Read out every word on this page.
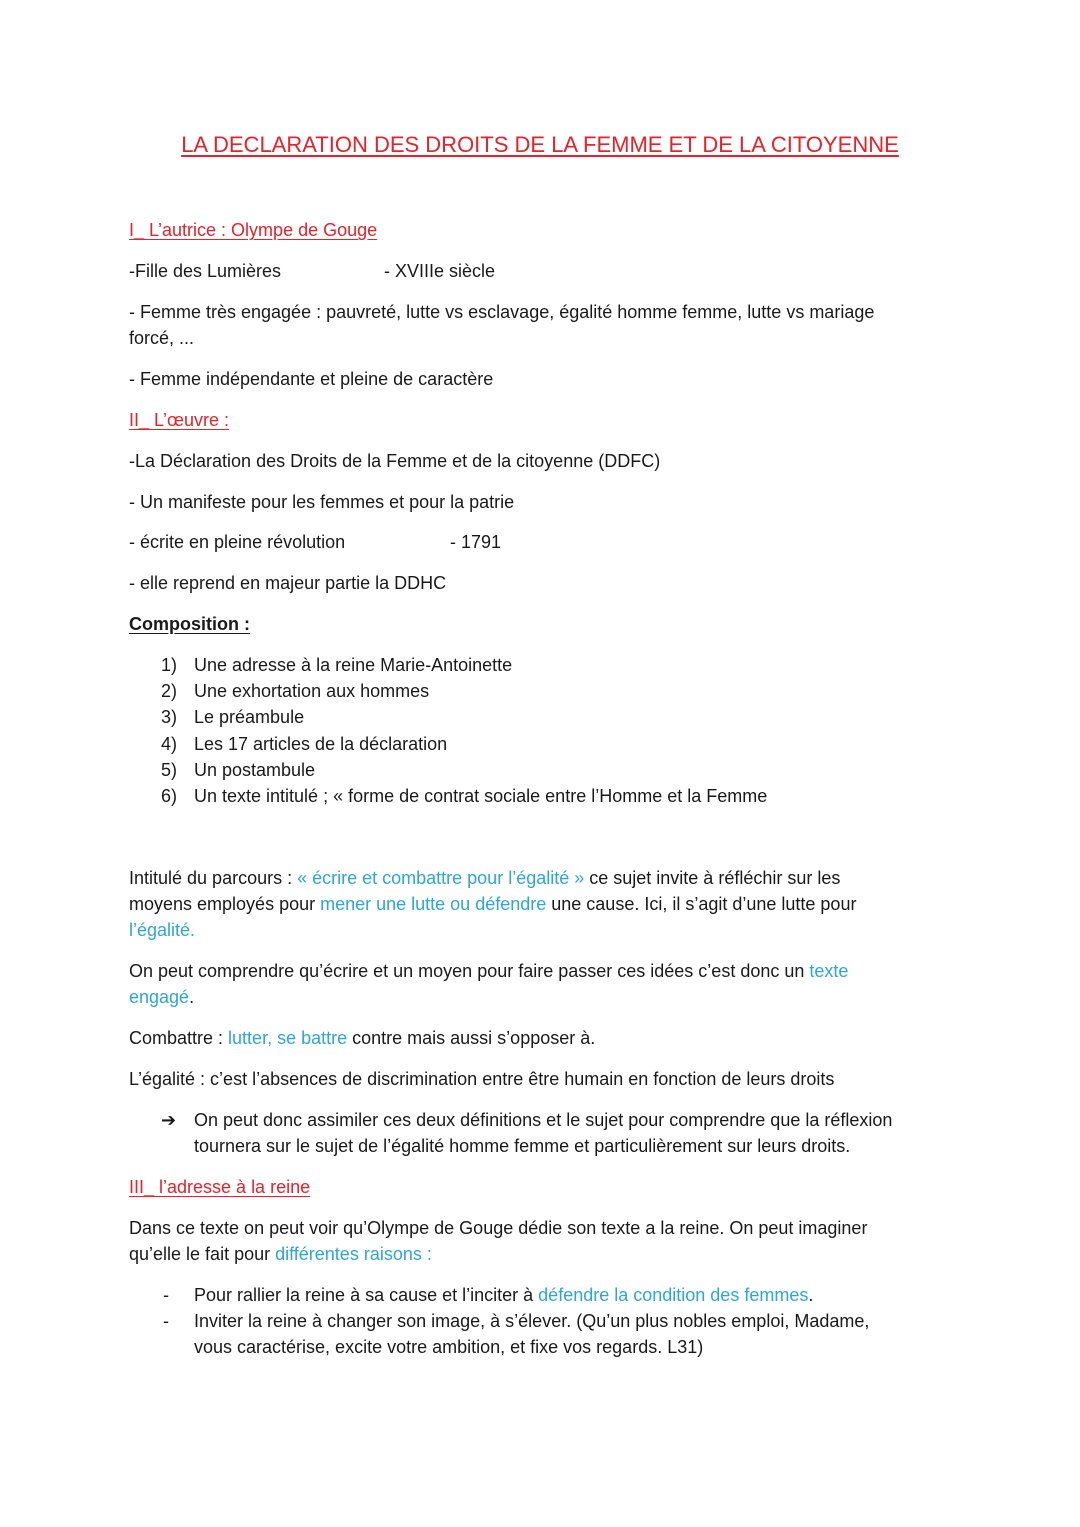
LA DECLARATION DES DROITS DE LA FEMME ET DE LA CITOYENNE
I_ L’autrice : Olympe de Gouge
-Fille des Lumières	- XVIIIe siècle
- Femme très engagée : pauvreté, lutte vs esclavage, égalité homme femme, lutte vs mariage
forcé, ...
- Femme indépendante et pleine de caractère
II_ L’œuvre :
-La Déclaration des Droits de la Femme et de la citoyenne (DDFC)
- Un manifeste pour les femmes et pour la patrie
- écrite en pleine révolution	- 1791
- elle reprend en majeur partie la DDHC
Composition :
1) Une adresse à la reine Marie-Antoinette
2) Une exhortation aux hommes
3) Le préambule
4) Les 17 articles de la déclaration
5) Un postambule
6) Un texte intitulé ; « forme de contrat sociale entre l’Homme et la Femme
Intitulé du parcours : « écrire et combattre pour l’égalité » ce sujet invite à réfléchir sur les
moyens employés pour mener une lutte ou défendre une cause. Ici, il s’agit d’une lutte pour
l’égalité.
On peut comprendre qu’écrire et un moyen pour faire passer ces idées c’est donc un texte
engagé.
Combattre : lutter, se battre contre mais aussi s’opposer à.
L’égalité : c’est l’absences de discrimination entre être humain en fonction de leurs droits
➔ On peut donc assimiler ces deux définitions et le sujet pour comprendre que la réflexion
tournera sur le sujet de l’égalité homme femme et particulièrement sur leurs droits.
III_ l’adresse à la reine
Dans ce texte on peut voir qu’Olympe de Gouge dédie son texte a la reine. On peut imaginer
qu’elle le fait pour différentes raisons :
- Pour rallier la reine à sa cause et l’inciter à défendre la condition des femmes.
- Inviter la reine à changer son image, à s’élever. (Qu’un plus nobles emploi, Madame,
vous caractérise, excite votre ambition, et fixe vos regards. L31)
